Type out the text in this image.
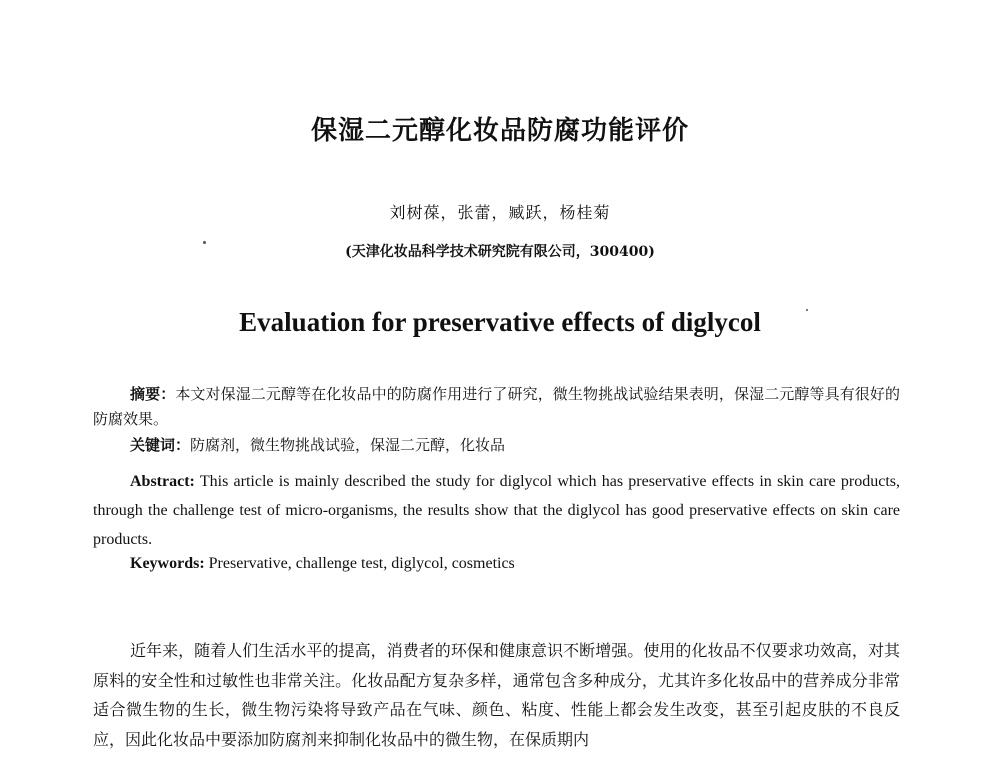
保湿二元醇化妆品防腐功能评价
刘树葆，张蕾，臧跃，杨桂菊
(天津化妆品科学技术研究院有限公司，300400)
Evaluation for preservative effects of diglycol
摘要：本文对保湿二元醇等在化妆品中的防腐作用进行了研究，微生物挑战试验结果表明，保湿二元醇等具有很好的防腐效果。
关键词：防腐剂，微生物挑战试验，保湿二元醇，化妆品
Abstract: This article is mainly described the study for diglycol which has preservative effects in skin care products, through the challenge test of micro-organisms, the results show that the diglycol has good preservative effects on skin care products.
Keywords: Preservative, challenge test, diglycol, cosmetics
近年来，随着人们生活水平的提高，消费者的环保和健康意识不断增强。使用的化妆品不仅要求功效高，对其原料的安全性和过敏性也非常关注。化妆品配方复杂多样，通常包含多种成分，尤其许多化妆品中的营养成分非常适合微生物的生长，微生物污染将导致产品在气味、颜色、粘度、性能上都会发生改变，甚至引起皮肤的不良反应，因此化妆品中要添加防腐剂来抑制化妆品中的微生物，在保质期内
